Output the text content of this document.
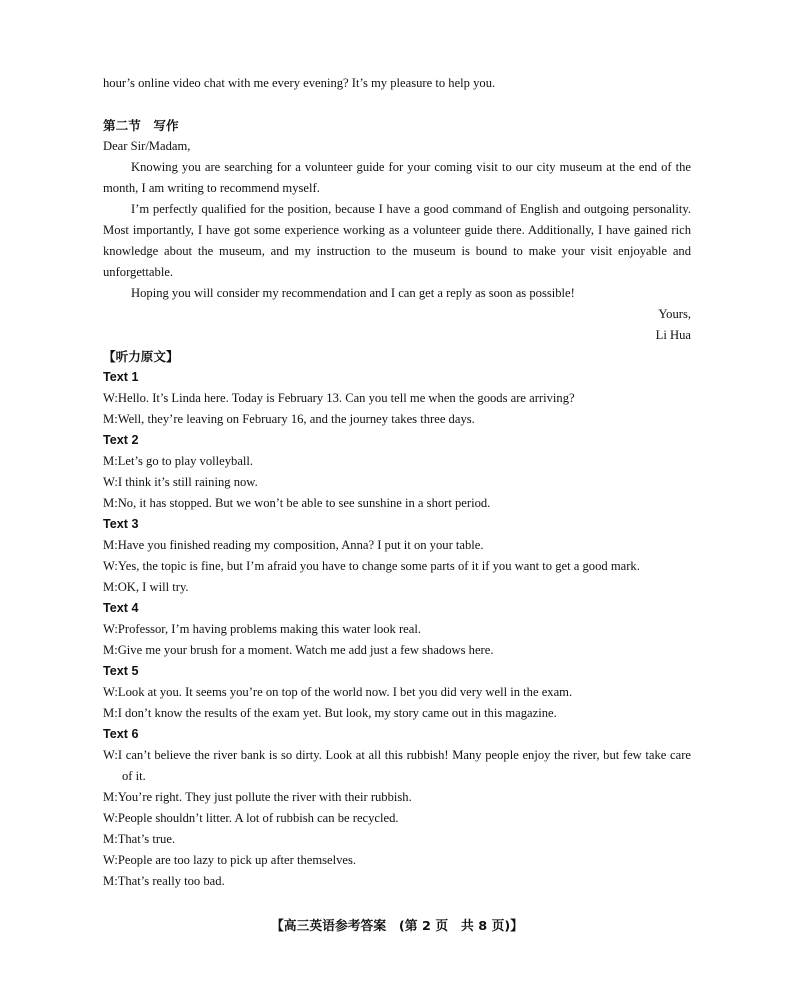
hour’s online video chat with me every evening? It’s my pleasure to help you.
第二节　写作
Dear Sir/Madam,
Knowing you are searching for a volunteer guide for your coming visit to our city museum at the end of the month, I am writing to recommend myself.
I’m perfectly qualified for the position, because I have a good command of English and outgoing personality. Most importantly, I have got some experience working as a volunteer guide there. Additionally, I have gained rich knowledge about the museum, and my instruction to the museum is bound to make your visit enjoyable and unforgettable.
Hoping you will consider my recommendation and I can get a reply as soon as possible!
Yours,
Li Hua
【听力原文】
Text 1
W:Hello. It’s Linda here. Today is February 13. Can you tell me when the goods are arriving?
M:Well, they’re leaving on February 16, and the journey takes three days.
Text 2
M:Let’s go to play volleyball.
W:I think it’s still raining now.
M:No, it has stopped. But we won’t be able to see sunshine in a short period.
Text 3
M:Have you finished reading my composition, Anna? I put it on your table.
W:Yes, the topic is fine, but I’m afraid you have to change some parts of it if you want to get a good mark.
M:OK, I will try.
Text 4
W:Professor, I’m having problems making this water look real.
M:Give me your brush for a moment. Watch me add just a few shadows here.
Text 5
W:Look at you. It seems you’re on top of the world now. I bet you did very well in the exam.
M:I don’t know the results of the exam yet. But look, my story came out in this magazine.
Text 6
W:I can’t believe the river bank is so dirty. Look at all this rubbish! Many people enjoy the river, but few take care of it.
M:You’re right. They just pollute the river with their rubbish.
W:People shouldn’t litter. A lot of rubbish can be recycled.
M:That’s true.
W:People are too lazy to pick up after themselves.
M:That’s really too bad.
【高三英语参考答案　(第 2 页　共 8 页)】
